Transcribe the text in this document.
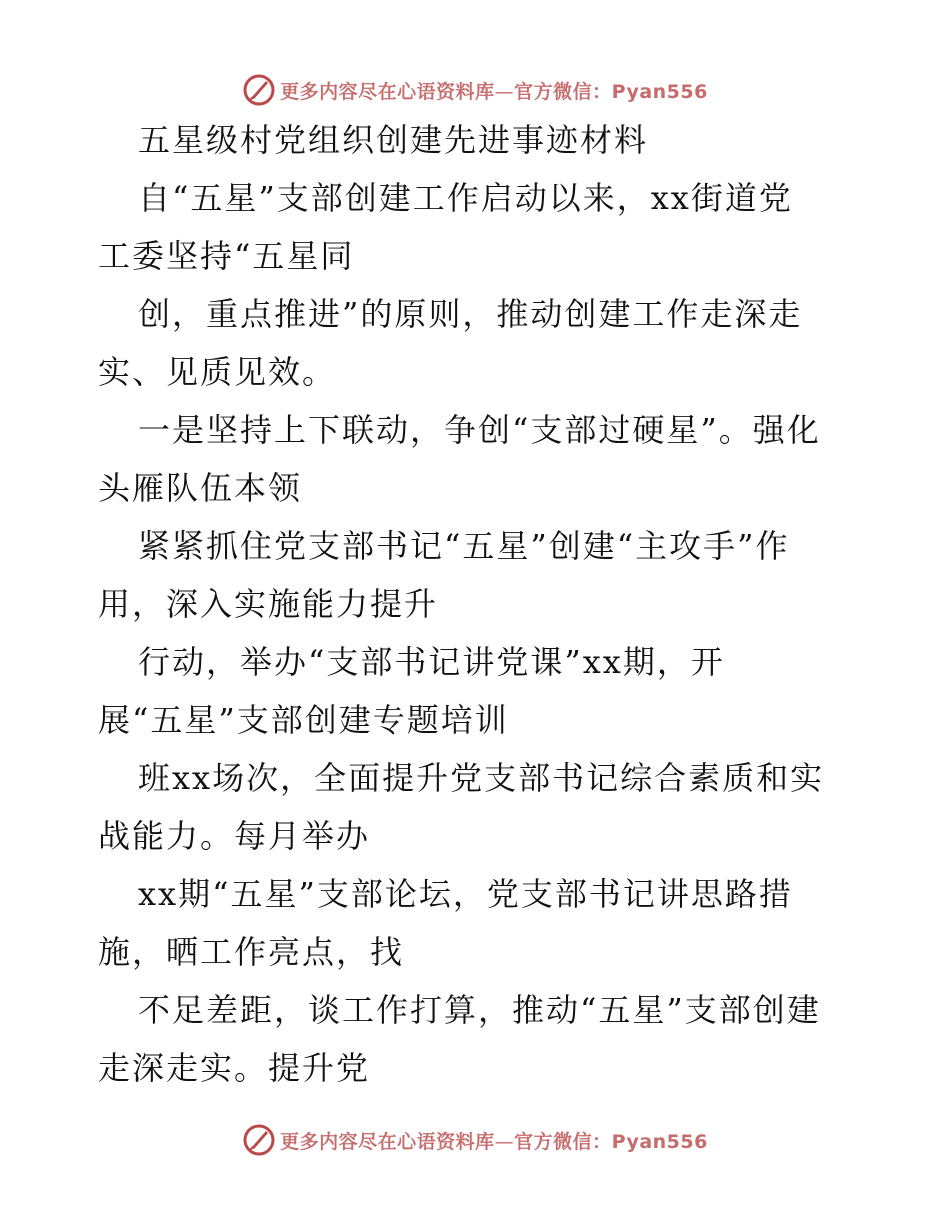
更多内容尽在心语资料库—官方微信：Pyan556
五星级村党组织创建先进事迹材料
自“五星”支部创建工作启动以来，xx街道党
工委坚持“五星同
创，重点推进”的原则，推动创建工作走深走
实、见质见效。
一是坚持上下联动，争创“支部过硬星”。强化
头雁队伍本领
紧紧抓住党支部书记“五星”创建“主攻手”作
用，深入实施能力提升
行动，举办“支部书记讲党课”xx期，开
展“五星”支部创建专题培训
班xx场次，全面提升党支部书记综合素质和实
战能力。每月举办
xx期“五星”支部论坛，党支部书记讲思路措
施，晒工作亮点，找
不足差距，谈工作打算，推动“五星”支部创建
走深走实。提升党
更多内容尽在心语资料库—官方微信：Pyan556
